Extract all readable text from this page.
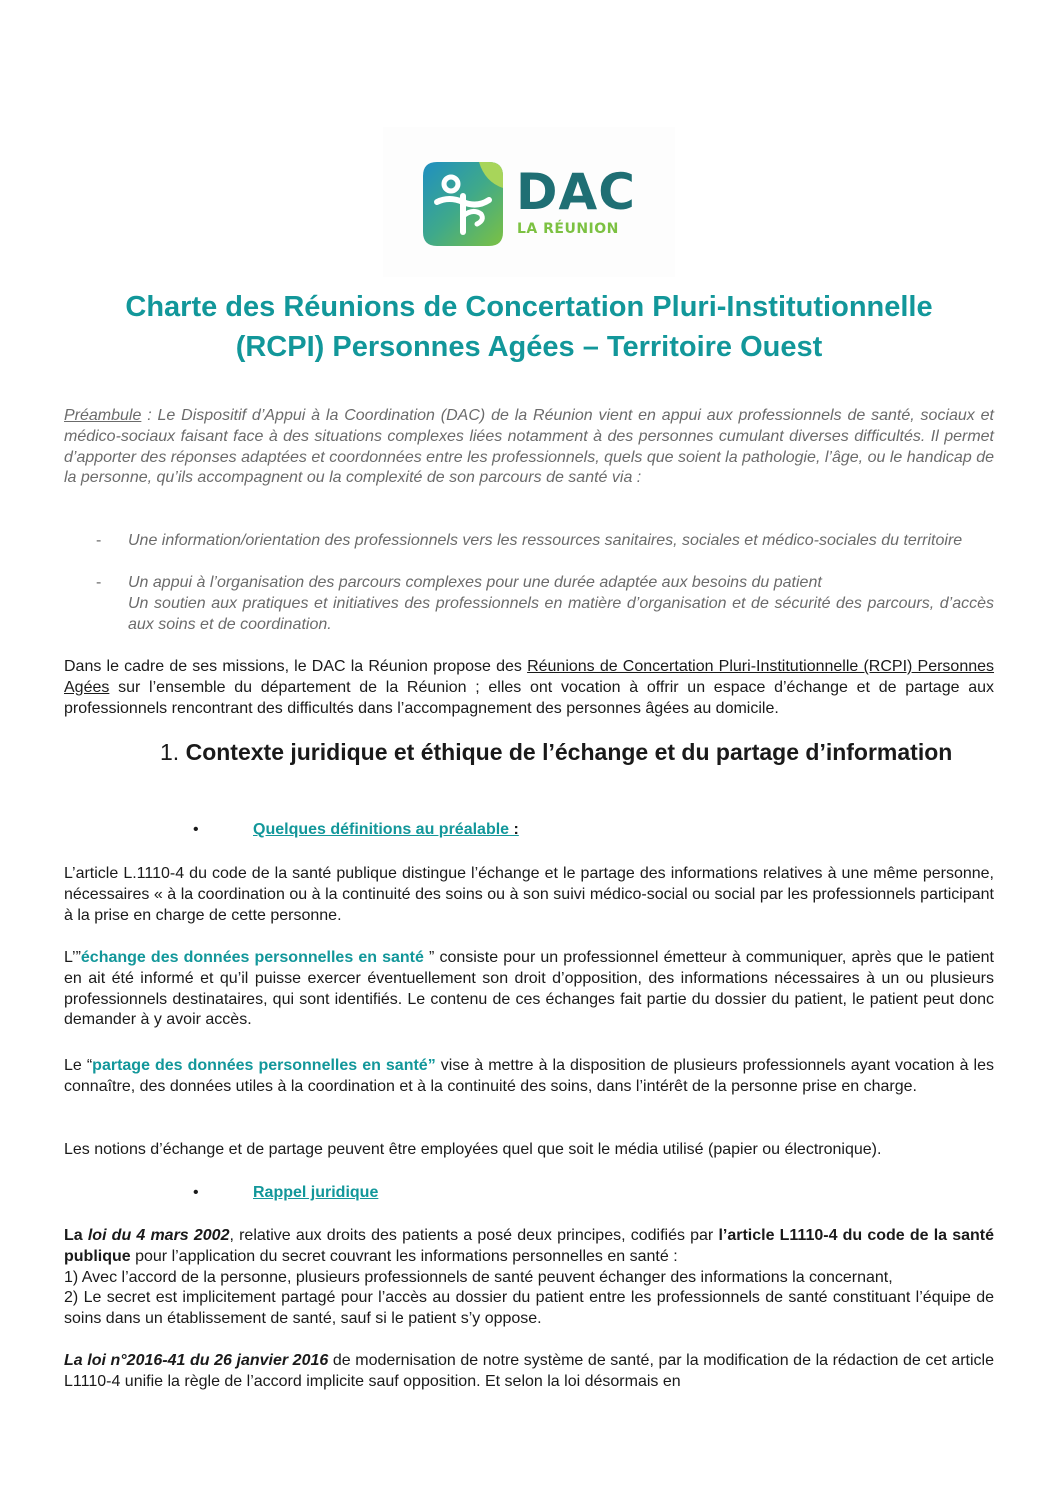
DAC
LA RÉUNION
Charte des Réunions de Concertation Pluri-Institutionnelle
(RCPI) Personnes Agées – Territoire Ouest
Préambule : Le Dispositif d’Appui à la Coordination (DAC) de la Réunion vient en appui aux professionnels de santé, sociaux et médico-sociaux faisant face à des situations complexes liées notamment à des personnes cumulant diverses difficultés. Il permet d’apporter des réponses adaptées et coordonnées entre les professionnels, quels que soient la pathologie, l’âge, ou le handicap de la personne, qu’ils accompagnent ou la complexité de son parcours de santé via :
- Une information/orientation des professionnels vers les ressources sanitaires, sociales et médico-sociales du territoire
- Un appui à l’organisation des parcours complexes pour une durée adaptée aux besoins du patient
Un soutien aux pratiques et initiatives des professionnels en matière d’organisation et de sécurité des parcours, d’accès aux soins et de coordination.
Dans le cadre de ses missions, le DAC la Réunion propose des Réunions de Concertation Pluri-Institutionnelle (RCPI) Personnes Agées sur l’ensemble du département de la Réunion ; elles ont vocation à offrir un espace d’échange et de partage aux professionnels rencontrant des difficultés dans l’accompagnement des personnes âgées au domicile.
1. Contexte juridique et éthique de l’échange et du partage d’information
•	Quelques définitions au préalable :
L’article L.1110-4 du code de la santé publique distingue l’échange et le partage des informations relatives à une même personne, nécessaires « à la coordination ou à la continuité des soins ou à son suivi médico-social ou social par les professionnels participant à la prise en charge de cette personne.
L’”échange des données personnelles en santé ” consiste pour un professionnel émetteur à communiquer, après que le patient en ait été informé et qu’il puisse exercer éventuellement son droit d’opposition, des informations nécessaires à un ou plusieurs professionnels destinataires, qui sont identifiés. Le contenu de ces échanges fait partie du dossier du patient, le patient peut donc demander à y avoir accès.
Le “partage des données personnelles en santé” vise à mettre à la disposition de plusieurs professionnels ayant vocation à les connaître, des données utiles à la coordination et à la continuité des soins, dans l’intérêt de la personne prise en charge.
Les notions d’échange et de partage peuvent être employées quel que soit le média utilisé (papier ou électronique).
•	Rappel juridique
La loi du 4 mars 2002, relative aux droits des patients a posé deux principes, codifiés par l’article L1110-4 du code de la santé publique pour l’application du secret couvrant les informations personnelles en santé :
1) Avec l’accord de la personne, plusieurs professionnels de santé peuvent échanger des informations la concernant,
2) Le secret est implicitement partagé pour l’accès au dossier du patient entre les professionnels de santé constituant l’équipe de soins dans un établissement de santé, sauf si le patient s’y oppose.
La loi n°2016-41 du 26 janvier 2016 de modernisation de notre système de santé, par la modification de la rédaction de cet article L1110-4 unifie la règle de l’accord implicite sauf opposition. Et selon la loi désormais en
